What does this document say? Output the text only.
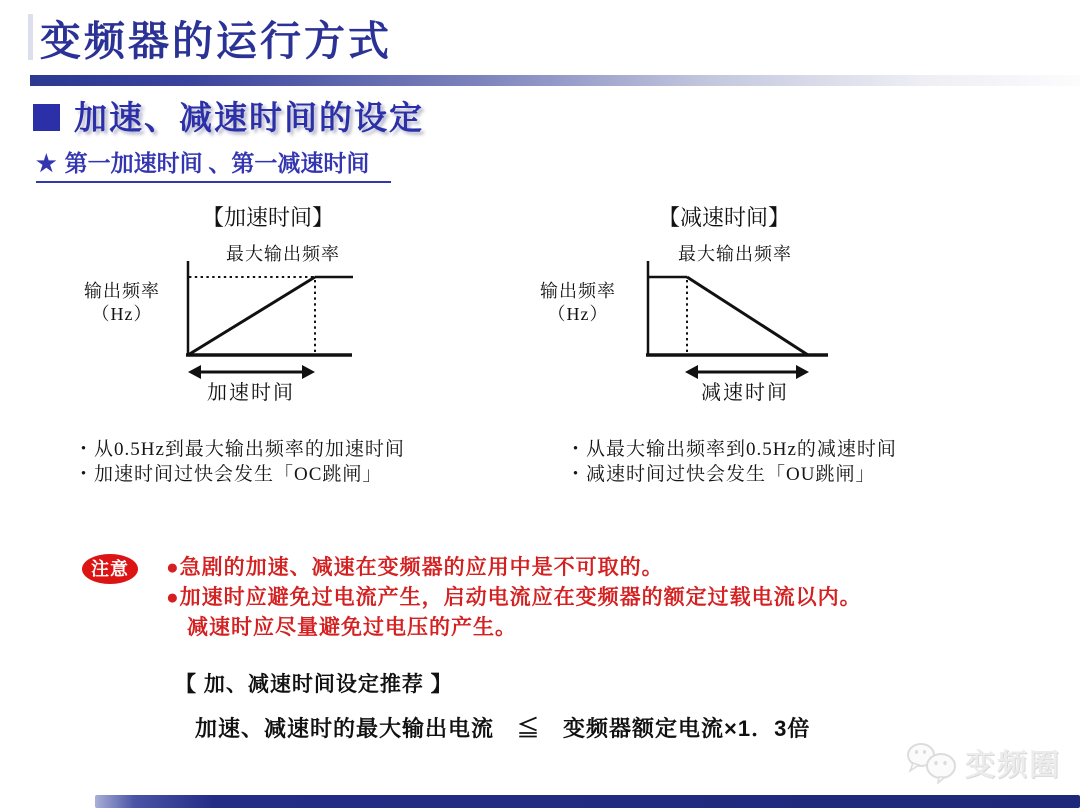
变频器的运行方式
加速、减速时间的设定
★ 第一加速时间 、第一减速时间
【加速时间】
最大输出频率
输出频率
（Hz）
加速时间
・从0.5Hz到最大输出频率的加速时间
・加速时间过快会发生「OC跳闸」
【减速时间】
最大输出频率
输出频率
（Hz）
减速时间
・从最大输出频率到0.5Hz的减速时间
・减速时间过快会发生「OU跳闸」
注意	●急剧的加速、减速在变频器的应用中是不可取的。
●加速时应避免过电流产生，启动电流应在变频器的额定过载电流以内。
减速时应尽量避免过电压的产生。
【 加、减速时间设定推荐 】
加速、减速时的最大输出电流　≦　变频器额定电流×1．3倍
变频圈
